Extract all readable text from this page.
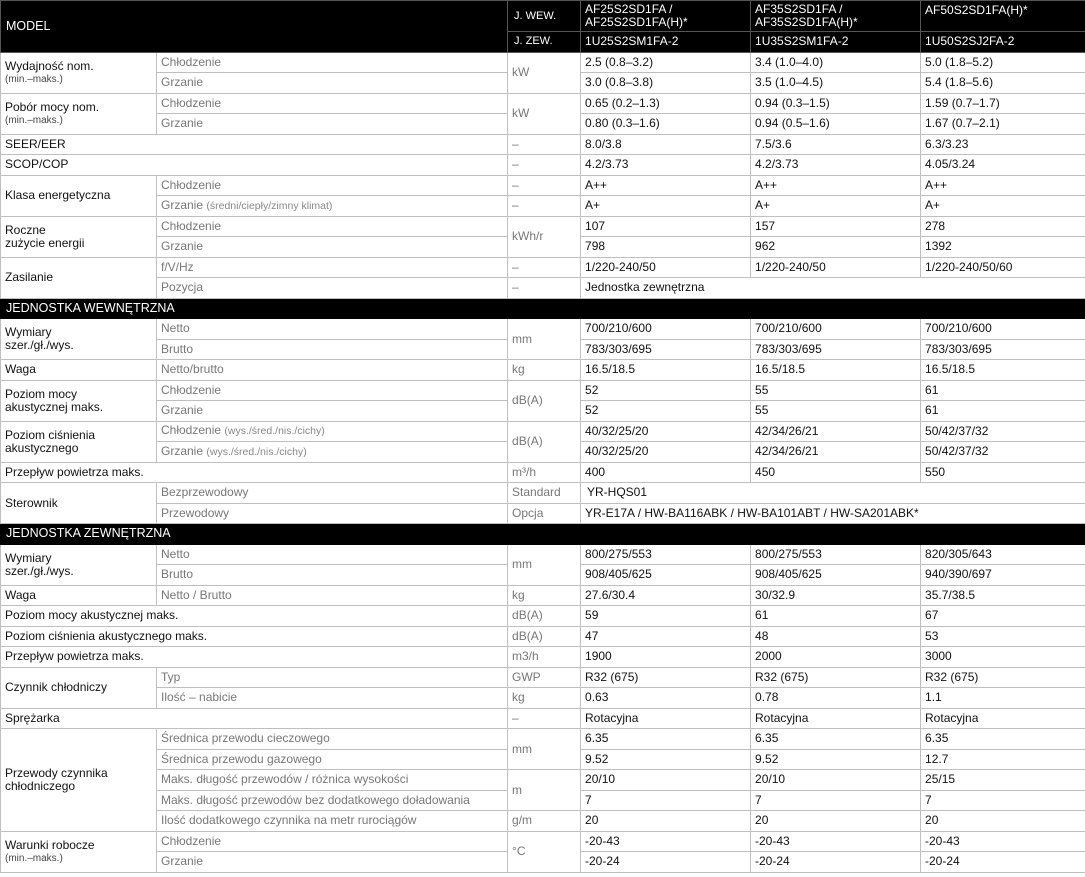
MODEL		J. WEW.	AF25S2SD1FA /
AF25S2SD1FA(H)*	AF35S2SD1FA /
AF35S2SD1FA(H)*	AF50S2SD1FA(H)*
		J. ZEW.	1U25S2SM1FA-2	1U35S2SM1FA-2	1U50S2SJ2FA-2
Wydajność nom.
(min.–maks.)	Chłodzenie	kW	2.5 (0.8–3.2)	3.4 (1.0–4.0)	5.0 (1.8–5.2)
	Grzanie		3.0 (0.8–3.8)	3.5 (1.0–4.5)	5.4 (1.8–5.6)
Pobór mocy nom.
(min.–maks.)	Chłodzenie	kW	0.65 (0.2–1.3)	0.94 (0.3–1.5)	1.59 (0.7–1.7)
	Grzanie		0.80 (0.3–1.6)	0.94 (0.5–1.6)	1.67 (0.7–2.1)
SEER/EER		–	8.0/3.8	7.5/3.6	6.3/3.23
SCOP/COP		–	4.2/3.73	4.2/3.73	4.05/3.24
Klasa energetyczna	Chłodzenie	–	A++	A++	A++
	Grzanie (średni/ciepły/zimny klimat)	–	A+	A+	A+
Roczne
zużycie energii	Chłodzenie	kWh/r	107	157	278
	Grzanie		798	962	1392
Zasilanie	f/V/Hz	–	1/220-240/50	1/220-240/50	1/220-240/50/60
	Pozycja	–	Jednostka zewnętrzna		
JEDNOSTKA WEWNĘTRZNA					
Wymiary
szer./gł./wys.	Netto	mm	700/210/600	700/210/600	700/210/600
	Brutto		783/303/695	783/303/695	783/303/695
Waga	Netto/brutto	kg	16.5/18.5	16.5/18.5	16.5/18.5
Poziom mocy
akustycznej maks.	Chłodzenie	dB(A)	52	55	61
	Grzanie		52	55	61
Poziom ciśnienia
akustycznego	Chłodzenie (wys./śred./nis./cichy)	dB(A)	40/32/25/20	42/34/26/21	50/42/37/32
	Grzanie (wys./śred./nis./cichy)		40/32/25/20	42/34/26/21	50/42/37/32
Przepływ powietrza maks.		m³/h	400	450	550
Sterownik	Bezprzewodowy	Standard	YR-HQS01		
	Przewodowy	Opcja	YR-E17A / HW-BA116ABK / HW-BA101ABT / HW-SA201ABK*		
JEDNOSTKA ZEWNĘTRZNA					
Wymiary
szer./gł./wys.	Netto	mm	800/275/553	800/275/553	820/305/643
	Brutto		908/405/625	908/405/625	940/390/697
Waga	Netto / Brutto	kg	27.6/30.4	30/32.9	35.7/38.5
Poziom mocy akustycznej maks.		dB(A)	59	61	67
Poziom ciśnienia akustycznego maks.		dB(A)	47	48	53
Przepływ powietrza maks.		m3/h	1900	2000	3000
Czynnik chłodniczy	Typ	GWP	R32 (675)	R32 (675)	R32 (675)
	Ilość – nabicie	kg	0.63	0.78	1.1
Sprężarka		–	Rotacyjna	Rotacyjna	Rotacyjna
Przewody czynnika
chłodniczego	Średnica przewodu cieczowego	mm	6.35	6.35	6.35
	Średnica przewodu gazowego		9.52	9.52	12.7
	Maks. długość przewodów / różnica wysokości	m	20/10	20/10	25/15
	Maks. długość przewodów bez dodatkowego doładowania		7	7	7
	Ilość dodatkowego czynnika na metr rurociągów	g/m	20	20	20
Warunki robocze
(min.–maks.)	Chłodzenie	°C	-20-43	-20-43	-20-43
	Grzanie		-20-24	-20-24	-20-24
